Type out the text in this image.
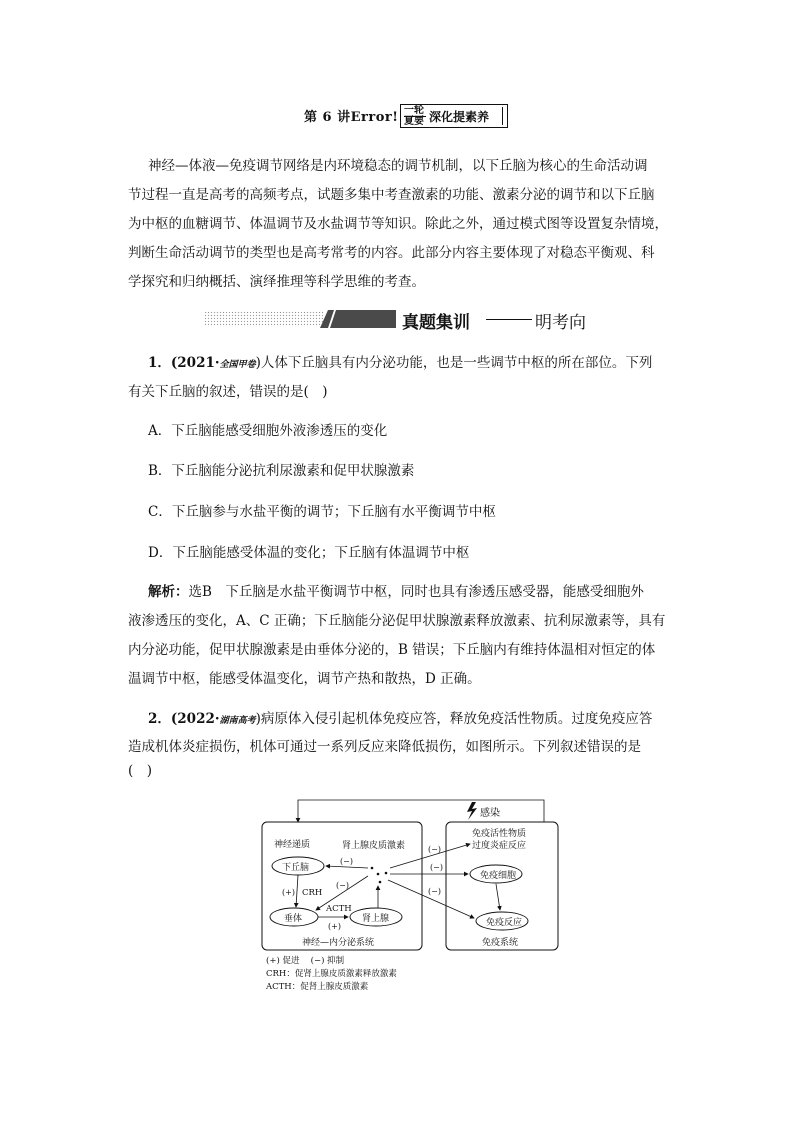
第 6 讲Error! 一轮
夏要 深化提素养
神经—体液—免疫调节网络是内环境稳态的调节机制，以下丘脑为核心的生命活动调
节过程一直是高考的高频考点，试题多集中考查激素的功能、激素分泌的调节和以下丘脑
为中枢的血糖调节、体温调节及水盐调节等知识。除此之外，通过模式图等设置复杂情境，
判断生命活动调节的类型也是高考常考的内容。此部分内容主要体现了对稳态平衡观、科
学探究和归纳概括、演绎推理等科学思维的考查。
真题集训	明考向
1．(2021·全国甲卷)人体下丘脑具有内分泌功能，也是一些调节中枢的所在部位。下列
有关下丘脑的叙述，错误的是(　)
A．下丘脑能感受细胞外液渗透压的变化
B．下丘脑能分泌抗利尿激素和促甲状腺激素
C．下丘脑参与水盐平衡的调节；下丘脑有水平衡调节中枢
D．下丘脑能感受体温的变化；下丘脑有体温调节中枢
解析：选B　下丘脑是水盐平衡调节中枢，同时也具有渗透压感受器，能感受细胞外
液渗透压的变化，A、C 正确；下丘脑能分泌促甲状腺激素释放激素、抗利尿激素等，具有
内分泌功能，促甲状腺激素是由垂体分泌的，B 错误；下丘脑内有维持体温相对恒定的体
温调节中枢，能感受体温变化，调节产热和散热，D 正确。
2．(2022·湖南高考)病原体入侵引起机体免疫应答，释放免疫活性物质。过度免疫应答
造成机体炎症损伤，机体可通过一系列反应来降低损伤，如图所示。下列叙述错误的是
(　)
感染
神经递质
下丘脑
垂体	肾上腺
(+) CRH
ACTH
(+)
肾上腺皮质激素
(−)
(−)
免疫活性物质
过度炎症反应
(−)
免疫细胞
(−)
免疫反应
(−)
神经—内分泌系统	免疫系统
(+) 促进　 (−) 抑制
CRH：促肾上腺皮质激素释放激素
ACTH：促肾上腺皮质激素
